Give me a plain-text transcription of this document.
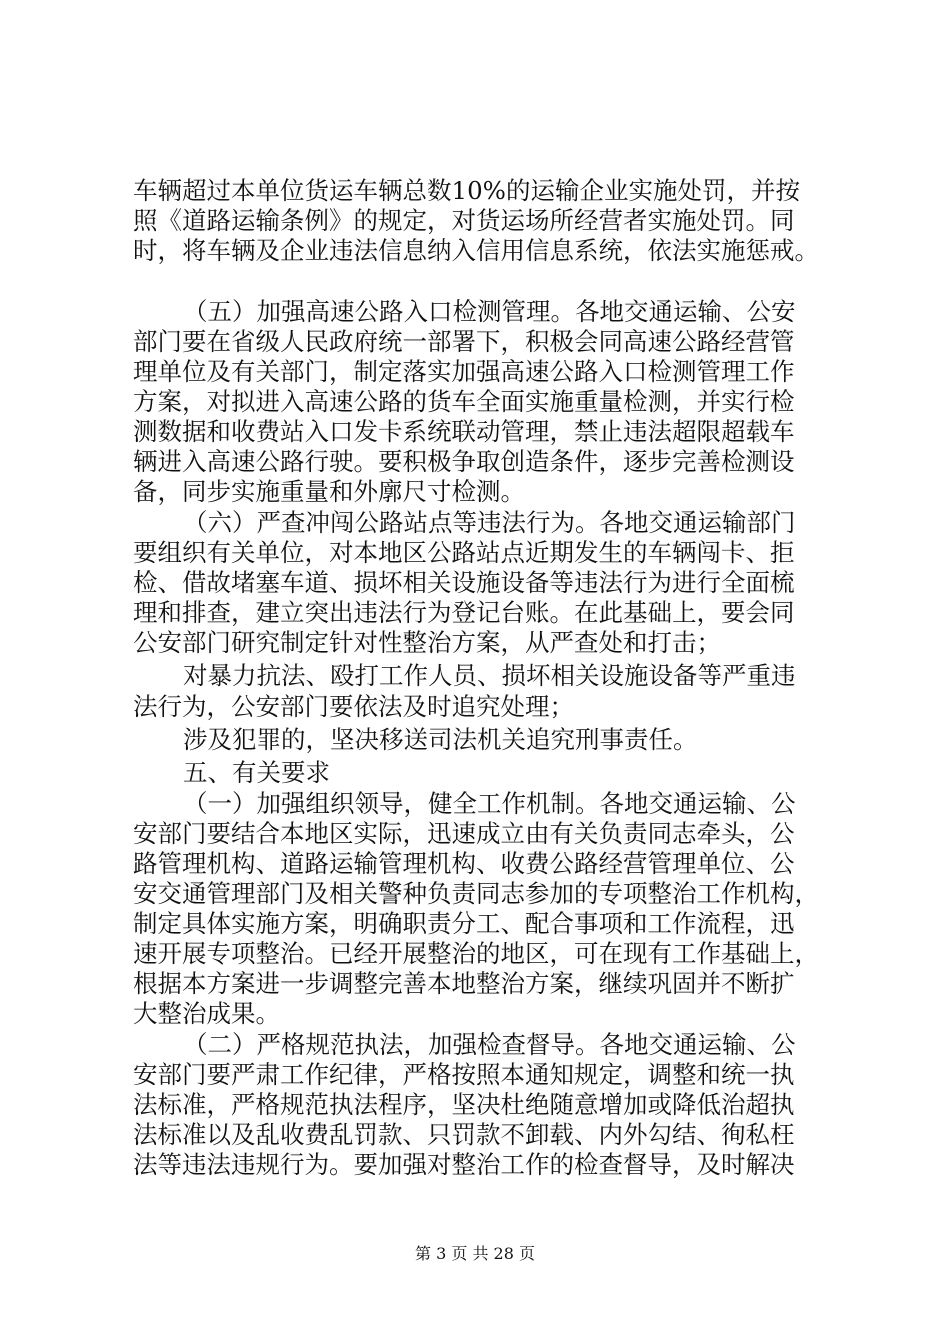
车辆超过本单位货运车辆总数10%的运输企业实施处罚，并按
照《道路运输条例》的规定，对货运场所经营者实施处罚。同
时，将车辆及企业违法信息纳入信用信息系统，依法实施惩戒。
（五）加强高速公路入口检测管理。各地交通运输、公安
部门要在省级人民政府统一部署下，积极会同高速公路经营管
理单位及有关部门，制定落实加强高速公路入口检测管理工作
方案，对拟进入高速公路的货车全面实施重量检测，并实行检
测数据和收费站入口发卡系统联动管理，禁止违法超限超载车
辆进入高速公路行驶。要积极争取创造条件，逐步完善检测设
备，同步实施重量和外廓尺寸检测。
（六）严查冲闯公路站点等违法行为。各地交通运输部门
要组织有关单位，对本地区公路站点近期发生的车辆闯卡、拒
检、借故堵塞车道、损坏相关设施设备等违法行为进行全面梳
理和排查，建立突出违法行为登记台账。在此基础上，要会同
公安部门研究制定针对性整治方案，从严查处和打击；
对暴力抗法、殴打工作人员、损坏相关设施设备等严重违
法行为，公安部门要依法及时追究处理；
涉及犯罪的，坚决移送司法机关追究刑事责任。
五、有关要求
（一）加强组织领导，健全工作机制。各地交通运输、公
安部门要结合本地区实际，迅速成立由有关负责同志牵头，公
路管理机构、道路运输管理机构、收费公路经营管理单位、公
安交通管理部门及相关警种负责同志参加的专项整治工作机构，
制定具体实施方案，明确职责分工、配合事项和工作流程，迅
速开展专项整治。已经开展整治的地区，可在现有工作基础上，
根据本方案进一步调整完善本地整治方案，继续巩固并不断扩
大整治成果。
（二）严格规范执法，加强检查督导。各地交通运输、公
安部门要严肃工作纪律，严格按照本通知规定，调整和统一执
法标准，严格规范执法程序，坚决杜绝随意增加或降低治超执
法标准以及乱收费乱罚款、只罚款不卸载、内外勾结、徇私枉
法等违法违规行为。要加强对整治工作的检查督导，及时解决
第 3 页 共 28 页
